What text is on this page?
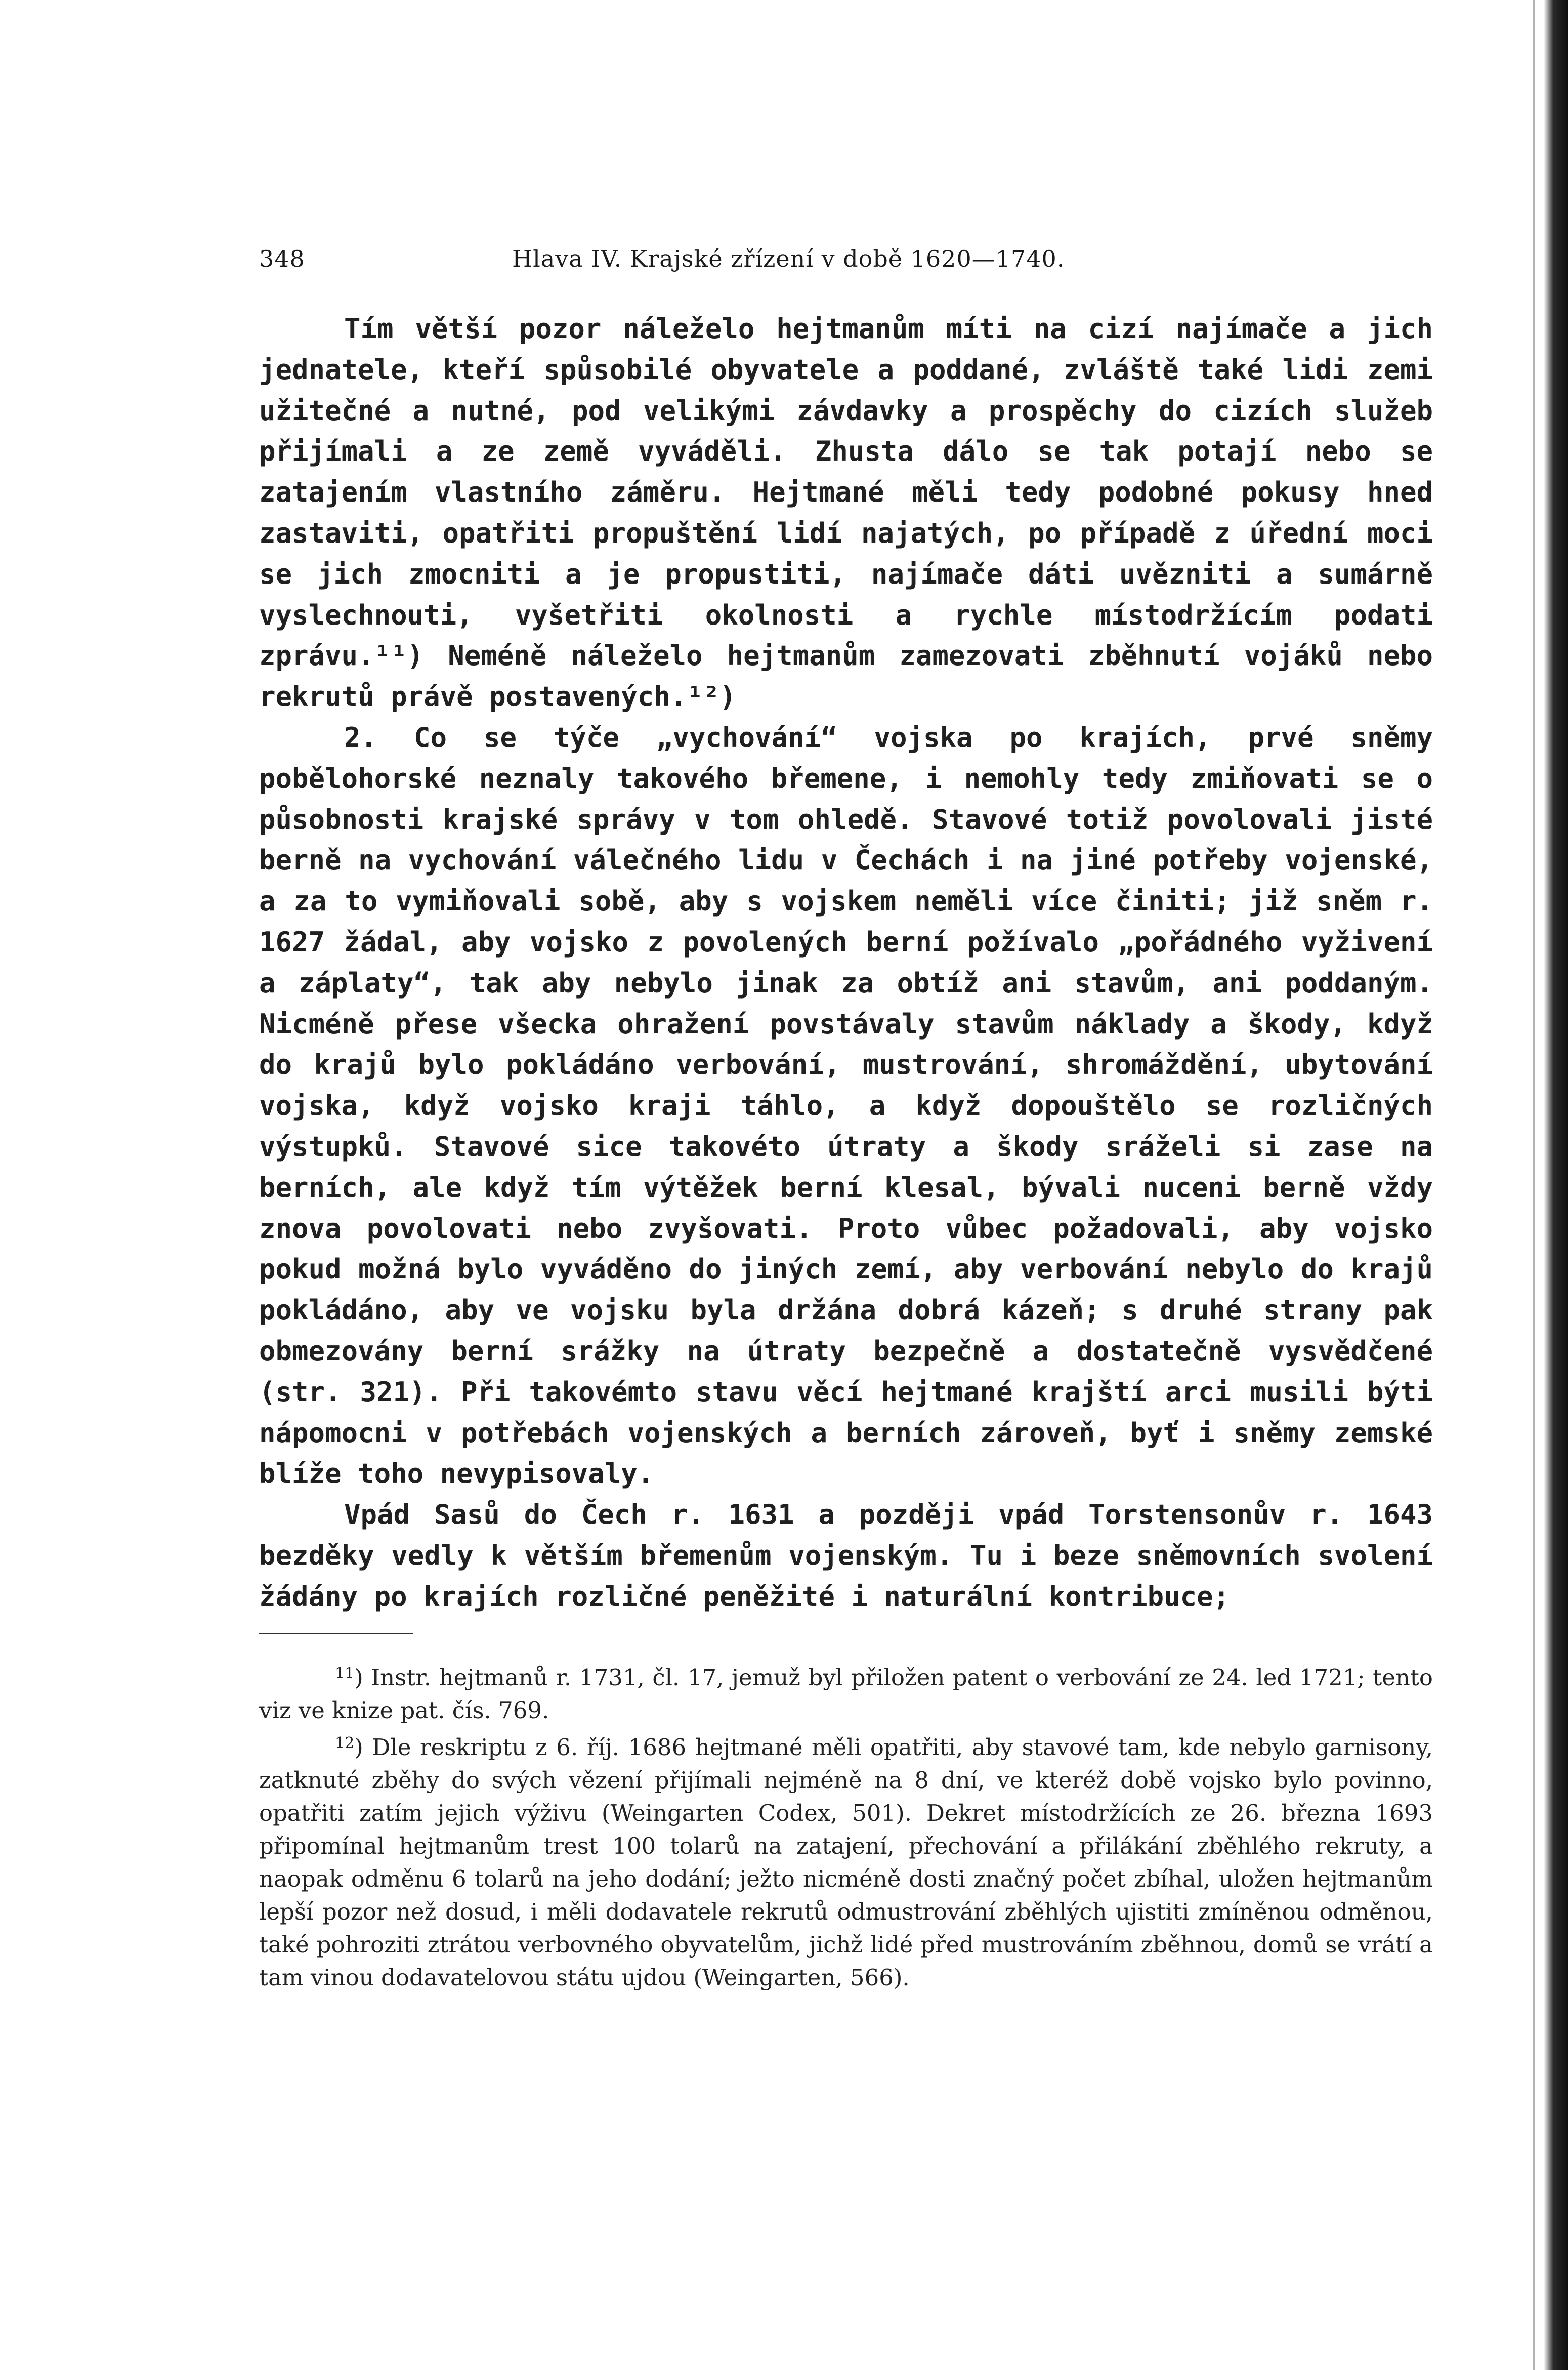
348	Hlava IV. Krajské zřízení v době 1620—1740.

Tím větší pozor náleželo hejtmanům míti na cizí najímače a jich jednatele, kteří spůsobilé obyvatele a poddané, zvláště také lidi zemi užitečné a nutné, pod velikými závdavky a prospěchy do cizích služeb přijímali a ze země vyváděli. Zhusta dálo se tak potají nebo se zatajením vlastního záměru. Hejtmané měli tedy podobné pokusy hned zastaviti, opatřiti propuštění lidí najatých, po případě z úřední moci se jich zmocniti a je propustiti, najímače dáti uvězniti a sumárně vyslechnouti, vyšetřiti okolnosti a rychle místodržícím podati zprávu.¹¹) Neméně náleželo hejtmanům zamezovati zběhnutí vojáků nebo rekrutů právě postavených.¹²)

2. Co se týče „vychování“ vojska po krajích, prvé sněmy pobělohorské neznaly takového břemene, i nemohly tedy zmiňovati se o působnosti krajské správy v tom ohledě. Stavové totiž povolovali jisté berně na vychování válečného lidu v Čechách i na jiné potřeby vojenské, a za to vymiňovali sobě, aby s vojskem neměli více činiti; již sněm r. 1627 žádal, aby vojsko z povolených berní požívalo „pořádného vyživení a záplaty“, tak aby nebylo jinak za obtíž ani stavům, ani poddaným. Nicméně přese všecka ohražení povstávaly stavům náklady a škody, když do krajů bylo pokládáno verbování, mustrování, shromáždění, ubytování vojska, když vojsko kraji táhlo, a když dopouštělo se rozličných výstupků. Stavové sice takovéto útraty a škody sráželi si zase na berních, ale když tím výtěžek berní klesal, bývali nuceni berně vždy znova povolovati nebo zvyšovati. Proto vůbec požadovali, aby vojsko pokud možná bylo vyváděno do jiných zemí, aby verbování nebylo do krajů pokládáno, aby ve vojsku byla držána dobrá kázeň; s druhé strany pak obmezovány berní srážky na útraty bezpečně a dostatečně vysvědčené (str. 321). Při takovémto stavu věcí hejtmané krajští arci musili býti nápomocni v potřebách vojenských a berních zároveň, byť i sněmy zemské blíže toho nevypisovaly.

Vpád Sasů do Čech r. 1631 a později vpád Torstensonův r. 1643 bezděky vedly k větším břemenům vojenským. Tu i beze sněmovních svolení žádány po krajích rozličné peněžité i naturální kontribuce;

$^{11}$) Instr. hejtmanů r. 1731, čl. 17, jemuž byl přiložen patent o verbování ze 24. led 1721; tento viz ve knize pat. čís. 769.

$^{12}$) Dle reskriptu z 6. říj. 1686 hejtmané měli opatřiti, aby stavové tam, kde nebylo garnisony, zatknuté zběhy do svých vězení přijímali nejméně na 8 dní, ve kteréž době vojsko bylo povinno, opatřiti zatím jejich výživu (Weingarten Codex, 501). Dekret místodržících ze 26. března 1693 připomínal hejtmanům trest 100 tolarů na zatajení, přechování a přilákání zběhlého rekruty, a naopak odměnu 6 tolarů na jeho dodání; ježto nicméně dosti značný počet zbíhal, uložen hejtmanům lepší pozor než dosud, i měli dodavatele rekrutů odmustrování zběhlých ujistiti zmíněnou odměnou, také pohroziti ztrátou verbovného obyvatelům, jichž lidé před mustrováním zběhnou, domů se vrátí a tam vinou dodavatelovou státu ujdou (Weingarten, 566).
